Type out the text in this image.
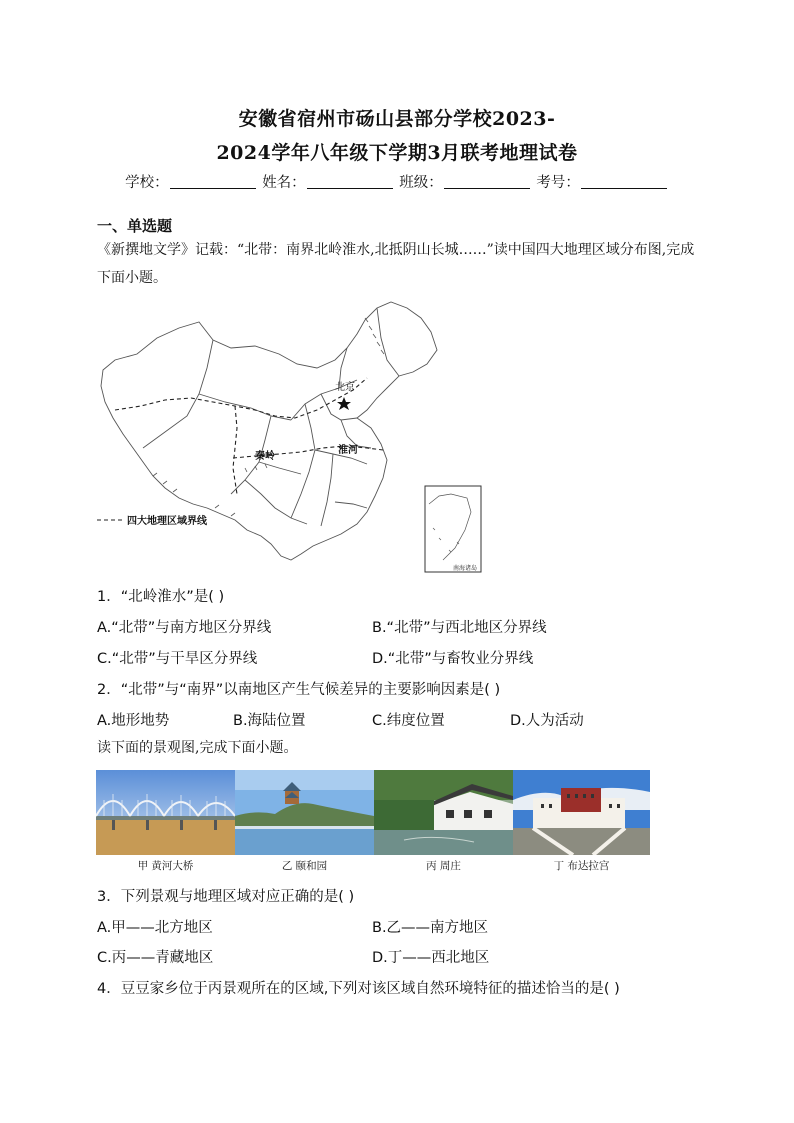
安徽省宿州市砀山县部分学校2023-
2024学年八年级下学期3月联考地理试卷
学校：	姓名：	班级：	考号：
一、单选题
《新撰地文学》记载：“北带：南界北岭淮水,北抵阴山长城……”读中国四大地理区域分布图,完成下面小题。
北京
秦岭
淮河
四大地理区域界线
南海诸岛
1．“北岭淮水”是( )
A.“北带”与南方地区分界线	B.“北带”与西北地区分界线
C.“北带”与干旱区分界线	D.“北带”与畜牧业分界线
2．“北带”与“南界”以南地区产生气候差异的主要影响因素是( )
A.地形地势	B.海陆位置	C.纬度位置	D.人为活动
读下面的景观图,完成下面小题。
甲 黄河大桥	乙 颐和园	丙 周庄	丁 布达拉宫
3．下列景观与地理区域对应正确的是( )
A.甲——北方地区	B.乙——南方地区
C.丙——青藏地区	D.丁——西北地区
4．豆豆家乡位于丙景观所在的区域,下列对该区域自然环境特征的描述恰当的是( )
